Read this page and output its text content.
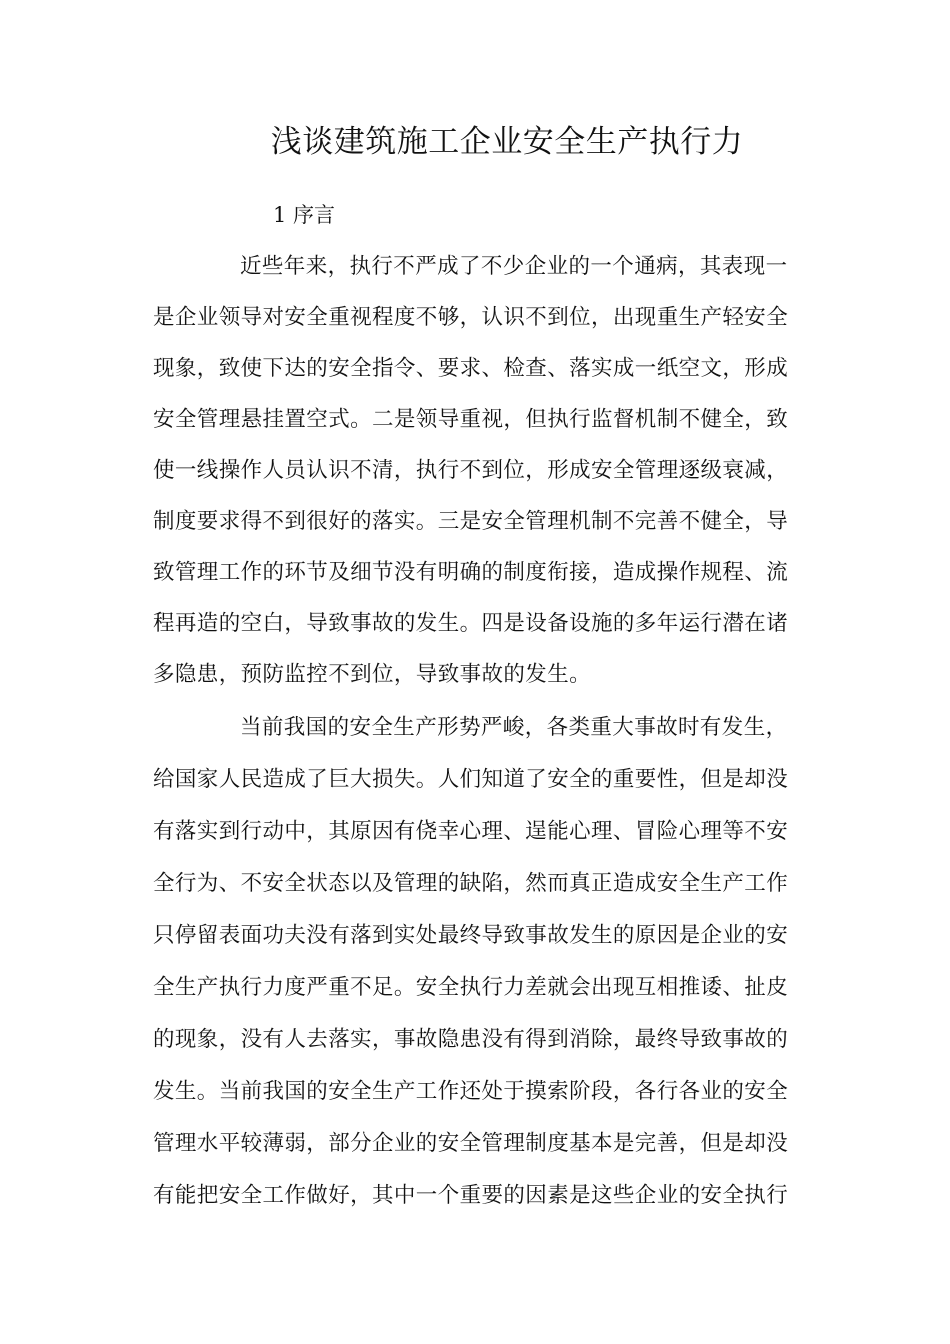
浅谈建筑施工企业安全生产执行力
1 序言
近些年来，执行不严成了不少企业的一个通病，其表现一
是企业领导对安全重视程度不够，认识不到位，出现重生产轻安全
现象，致使下达的安全指令、要求、检查、落实成一纸空文，形成
安全管理悬挂置空式。二是领导重视，但执行监督机制不健全，致
使一线操作人员认识不清，执行不到位，形成安全管理逐级衰减，
制度要求得不到很好的落实。三是安全管理机制不完善不健全，导
致管理工作的环节及细节没有明确的制度衔接，造成操作规程、流
程再造的空白，导致事故的发生。四是设备设施的多年运行潜在诸
多隐患，预防监控不到位，导致事故的发生。
当前我国的安全生产形势严峻，各类重大事故时有发生，
给国家人民造成了巨大损失。人们知道了安全的重要性，但是却没
有落实到行动中，其原因有侥幸心理、逞能心理、冒险心理等不安
全行为、不安全状态以及管理的缺陷，然而真正造成安全生产工作
只停留表面功夫没有落到实处最终导致事故发生的原因是企业的安
全生产执行力度严重不足。安全执行力差就会出现互相推诿、扯皮
的现象，没有人去落实，事故隐患没有得到消除，最终导致事故的
发生。当前我国的安全生产工作还处于摸索阶段，各行各业的安全
管理水平较薄弱，部分企业的安全管理制度基本是完善，但是却没
有能把安全工作做好，其中一个重要的因素是这些企业的安全执行
